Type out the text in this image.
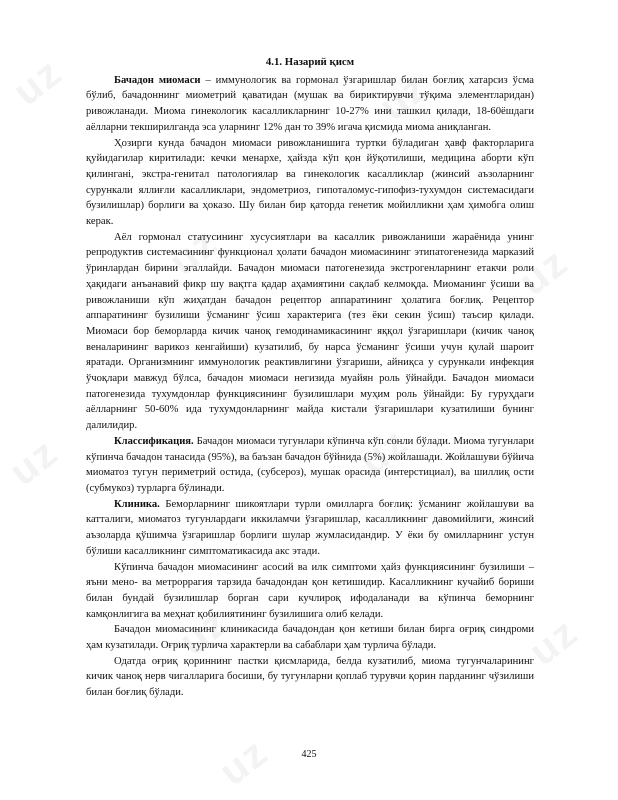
uz	uz
uz	uz
uz	uz
uz	uz
uz
4.1. Назарий қисм

Бачадон миомаси – иммунологик ва гормонал ўзгаришлар билан боғлиқ хатарсиз ўсма бўлиб, бачадоннинг миометрий қаватидан (мушак ва бириктирувчи тўқима элементларидан) ривожланади. Миома гинекологик касалликларнинг 10-27% ини ташкил қилади, 18-60ёшдаги аёлларни текширилганда эса уларнинг 12% дан то 39% игача қисмида миома аниқланган.

Ҳозирги кунда бачадон миомаси ривожланишига туртки бўладиган ҳавф факторларига қуйидагилар киритилади: кечки менархе, ҳайзда кўп қон йўқотилиши, медицина аборти кўп қилинганi, экстра-генитал патологиялар ва гинекологик касалликлар (жинсий аъзоларнинг сурункали яллиғли касалликлари, эндометриоз, гипоталомус-гипофиз-тухумдон системасидаги бузилишлар) борлиги ва ҳоказо. Шу билан бир қаторда генетик мойилликни ҳам ҳимобга олиш керак.

Аёл гормонал статусининг хусусиятлари ва касаллик ривожланиши жараёнида унинг репродуктив системасининг функционал ҳолати бачадон миомасининг этипатогенезида марказий ўринлардан бирини эгаллайди. Бачадон миомаси патогенезида экстрогенларнинг етакчи роли ҳақидаги анъанавий фикр шу вақтга қадар аҳамиятини сақлаб келмоқда. Миоманинг ўсиши ва ривожланиши кўп жиҳатдан бачадон рецептор аппаратининг ҳолатига боғлиқ. Рецептор аппаратининг бузилиши ўсманинг ўсиш характерига (тез ёки секин ўсиш) таъсир қилади. Миомаси бор беморларда кичик чаноқ гемодинамикасининг яққол ўзгаришлари (кичик чаноқ веналарининг варикоз кенгайиши) кузатилиб, бу нарса ўсманинг ўсиши учун қулай шароит яратади. Организмнинг иммунологик реактивлигини ўзгариши, айниқса у сурункали инфекция ўчоқлари мавжуд бўлса, бачадон миомаси негизида муайян роль ўйнайди. Бачадон миомаси патогенезида тухумдонлар функциясининг бузилишлари муҳим роль ўйнайди: Бу гуруҳдаги аёлларнинг 50-60% ида тухумдонларнинг майда кистали ўзгаришлари кузатилиши бунинг далилидир.

Классификация. Бачадон миомаси тугунлари кўпинча кўп сонли бўлади. Миома тугунлари кўпинча бачадон танасида (95%), ва баъзан бачадон бўйнида (5%) жойлашади. Жойлашуви бўйича миоматоз тугун периметрий остида, (субсероз), мушак орасида (интерстициал), ва шиллиқ ости (субмукоз) турларга бўлинади.

Клиника. Беморларнинг шикоятлари турли омилларга боғлиқ: ўсманинг жойлашуви ва катталиги, миоматоз тугунлардаги иккиламчи ўзгаришлар, касалликнинг давомийлиги, жинсий аъзоларда қўшимча ўзгаришлар борлиги шулар жумласидандир. У ёки бу омилларнинг устун бўлиши касалликнинг симптоматикасида акс этади.

Кўпинча бачадон миомасининг асосий ва илк симптоми ҳайз функциясининг бузилиши – яъни мено- ва метроррагия тарзида бачадондан қон кетишидир. Касалликнинг кучайиб бориши билан бундай бузилишлар борган сари кучлироқ ифодаланади ва кўпинча беморнинг камқонлигига ва меҳнат қобилиятининг бузилишига олиб келади.

Бачадон миомасининг клиникасида бачадондан қон кетиши билан бирга оғриқ синдроми ҳам кузатилади. Оғриқ турлича характерли ва сабаблари ҳам турлича бўлади.

Одатда оғриқ қориннинг пастки қисмларида, белда кузатилиб, миома тугунчаларининг кичик чаноқ нерв чигалларига босиши, бу тугунларни қоплаб турувчи қорин парданинг чўзилиши билан боғлиқ бўлади.

425
